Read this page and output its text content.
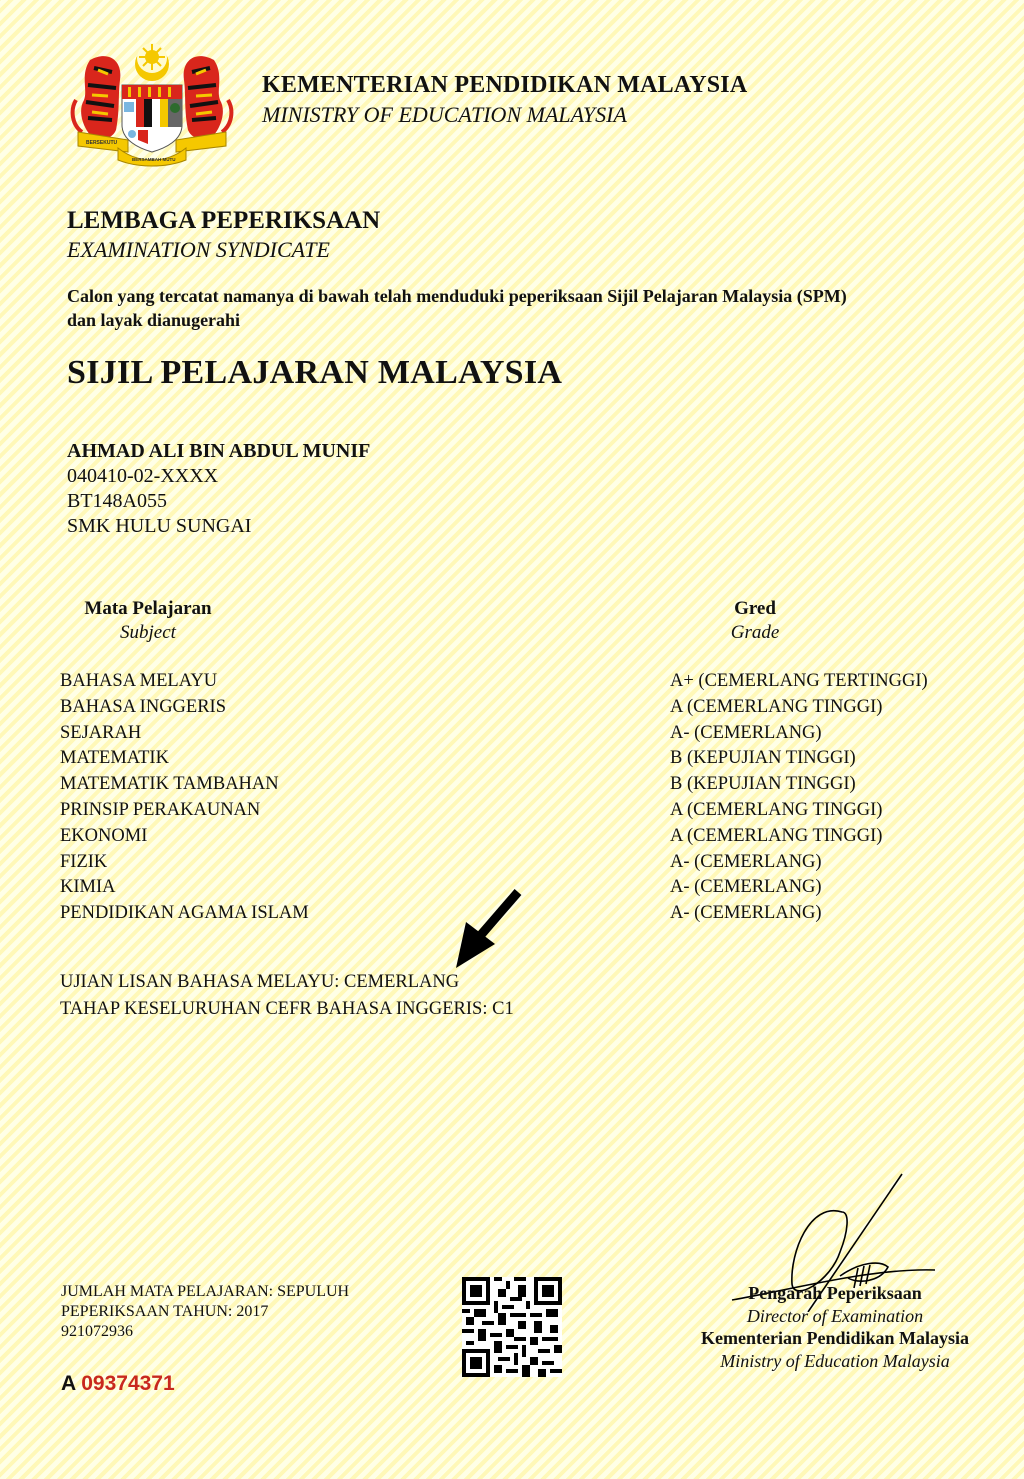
BERSEKUTU
BERSAMBAH MUTU
KEMENTERIAN PENDIDIKAN MALAYSIA
MINISTRY OF EDUCATION MALAYSIA
LEMBAGA PEPERIKSAAN
EXAMINATION SYNDICATE
Calon yang tercatat namanya di bawah telah menduduki peperiksaan Sijil Pelajaran Malaysia (SPM)
dan layak dianugerahi
SIJIL PELAJARAN MALAYSIA
AHMAD ALI BIN ABDUL MUNIF
040410-02-XXXX
BT148A055
SMK HULU SUNGAI
Mata Pelajaran
Subject
Gred
Grade
BAHASA MELAYU
BAHASA INGGERIS
SEJARAH
MATEMATIK
MATEMATIK TAMBAHAN
PRINSIP PERAKAUNAN
EKONOMI
FIZIK
KIMIA
PENDIDIKAN AGAMA ISLAM
A+ (CEMERLANG TERTINGGI)
A (CEMERLANG TINGGI)
A- (CEMERLANG)
B (KEPUJIAN TINGGI)
B (KEPUJIAN TINGGI)
A (CEMERLANG TINGGI)
A (CEMERLANG TINGGI)
A- (CEMERLANG)
A- (CEMERLANG)
A- (CEMERLANG)
UJIAN LISAN BAHASA MELAYU: CEMERLANG
TAHAP KESELURUHAN CEFR BAHASA INGGERIS: C1
JUMLAH MATA PELAJARAN: SEPULUH
PEPERIKSAAN TAHUN: 2017
921072936
A 09374371
Pengarah Peperiksaan
Director of Examination
Kementerian Pendidikan Malaysia
Ministry of Education Malaysia
